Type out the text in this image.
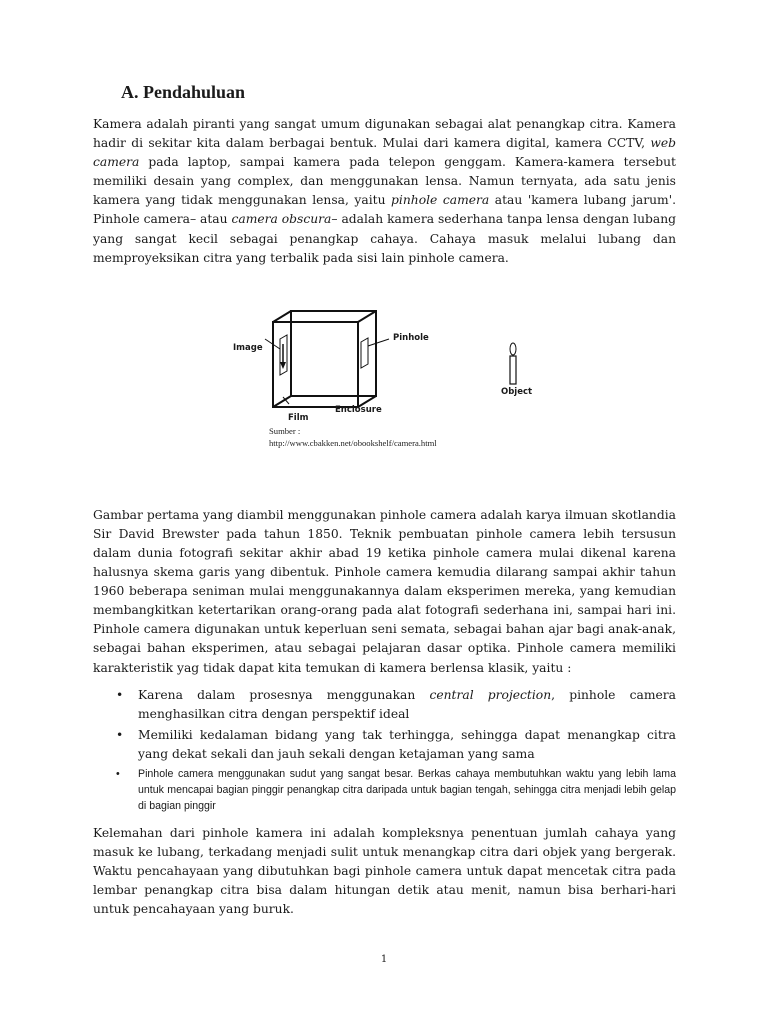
A. Pendahuluan

Kamera adalah piranti yang sangat umum digunakan sebagai alat penangkap citra. Kamera hadir di sekitar kita dalam berbagai bentuk. Mulai dari kamera digital, kamera CCTV, web camera pada laptop, sampai kamera pada telepon genggam. Kamera-kamera tersebut memiliki desain yang complex, dan menggunakan lensa. Namun ternyata, ada satu jenis kamera yang tidak menggunakan lensa, yaitu pinhole camera atau 'kamera lubang jarum'. Pinhole camera– atau camera obscura– adalah kamera sederhana tanpa lensa dengan lubang yang sangat kecil sebagai penangkap cahaya. Cahaya masuk melalui lubang dan memproyeksikan citra yang terbalik pada sisi lain pinhole camera.

Image
Pinhole
Film
Enclosure
Object
Sumber :
http://www.cbakken.net/obookshelf/camera.html

Gambar pertama yang diambil menggunakan pinhole camera adalah karya ilmuan skotlandia Sir David Brewster pada tahun 1850. Teknik pembuatan pinhole camera lebih tersusun dalam dunia fotografi sekitar akhir abad 19 ketika pinhole camera mulai dikenal karena halusnya skema garis yang dibentuk. Pinhole camera kemudia dilarang sampai akhir tahun 1960 beberapa seniman mulai menggunakannya dalam eksperimen mereka, yang kemudian membangkitkan ketertarikan orang-orang pada alat fotografi sederhana ini, sampai hari ini. Pinhole camera digunakan untuk keperluan seni semata, sebagai bahan ajar bagi anak-anak, sebagai bahan eksperimen, atau sebagai pelajaran dasar optika. Pinhole camera memiliki karakteristik yag tidak dapat kita temukan di kamera berlensa klasik, yaitu :

• Karena dalam prosesnya menggunakan central projection, pinhole camera menghasilkan citra dengan perspektif ideal
• Memiliki kedalaman bidang yang tak terhingga, sehingga dapat menangkap citra yang dekat sekali dan jauh sekali dengan ketajaman yang sama
• Pinhole camera menggunakan sudut yang sangat besar. Berkas cahaya membutuhkan waktu yang lebih lama untuk mencapai bagian pinggir penangkap citra daripada untuk bagian tengah, sehingga citra menjadi lebih gelap di bagian pinggir

Kelemahan dari pinhole kamera ini adalah kompleksnya penentuan jumlah cahaya yang masuk ke lubang, terkadang menjadi sulit untuk menangkap citra dari objek yang bergerak. Waktu pencahayaan yang dibutuhkan bagi pinhole camera untuk dapat mencetak citra pada lembar penangkap citra bisa dalam hitungan detik atau menit, namun bisa berhari-hari untuk pencahayaan yang buruk.

1
